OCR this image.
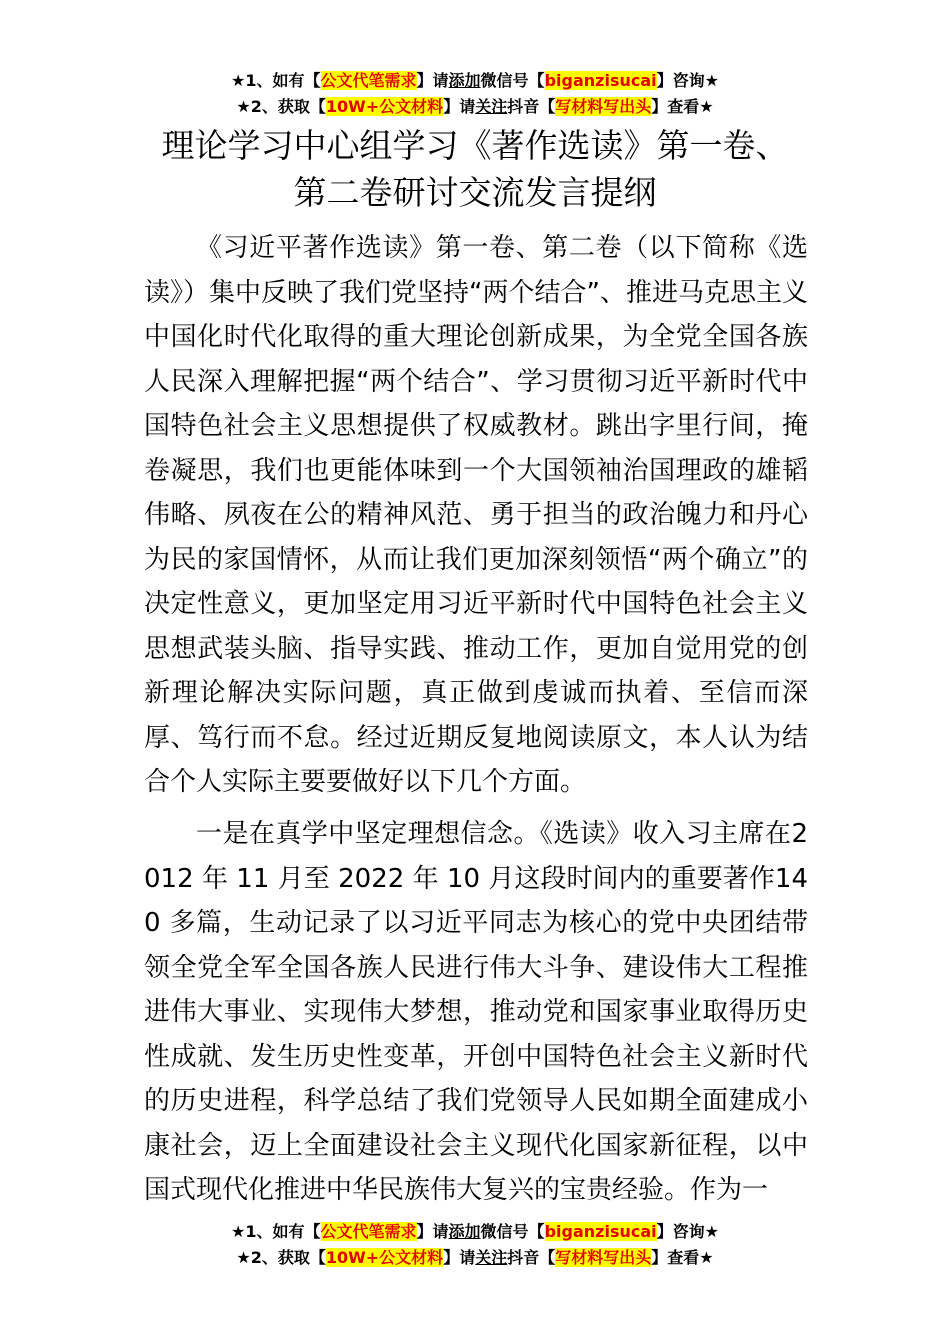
★1、如有【公文代笔需求】请添加微信号【biganzisucai】咨询★
★2、获取【10W+公文材料】请关注抖音【写材料写出头】查看★
理论学习中心组学习《著作选读》第一卷、
第二卷研讨交流发言提纲

《习近平著作选读》第一卷、第二卷（以下简称《选读》）集中反映了我们党坚持“两个结合”、推进马克思主义中国化时代化取得的重大理论创新成果，为全党全国各族人民深入理解把握“两个结合”、学习贯彻习近平新时代中国特色社会主义思想提供了权威教材。跳出字里行间，掩卷凝思，我们也更能体味到一个大国领袖治国理政的雄韬伟略、夙夜在公的精神风范、勇于担当的政治魄力和丹心为民的家国情怀，从而让我们更加深刻领悟“两个确立”的决定性意义，更加坚定用习近平新时代中国特色社会主义思想武装头脑、指导实践、推动工作，更加自觉用党的创新理论解决实际问题，真正做到虔诚而执着、至信而深厚、笃行而不怠。经过近期反复地阅读原文，本人认为结合个人实际主要要做好以下几个方面。

一是在真学中坚定理想信念。《选读》收入习主席在2012 年 11 月至 2022 年 10 月这段时间内的重要著作140 多篇，生动记录了以习近平同志为核心的党中央团结带领全党全军全国各族人民进行伟大斗争、建设伟大工程推进伟大事业、实现伟大梦想，推动党和国家事业取得历史性成就、发生历史性变革，开创中国特色社会主义新时代的历史进程，科学总结了我们党领导人民如期全面建成小康社会，迈上全面建设社会主义现代化国家新征程，以中国式现代化推进中华民族伟大复兴的宝贵经验。作为一

★1、如有【公文代笔需求】请添加微信号【biganzisucai】咨询★
★2、获取【10W+公文材料】请关注抖音【写材料写出头】查看★
